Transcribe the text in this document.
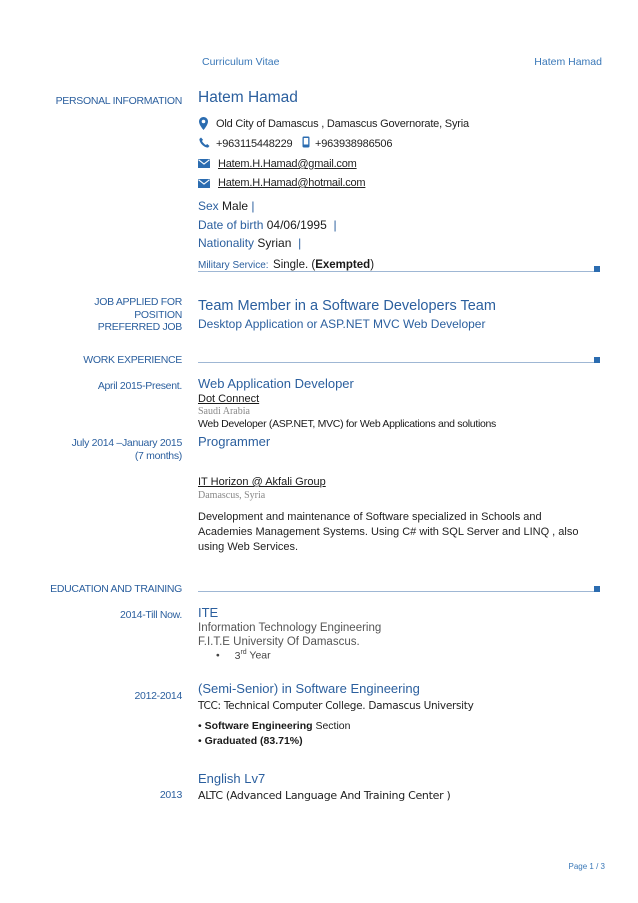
Curriculum Vitae	Hatem Hamad
PERSONAL INFORMATION Hatem Hamad
Old City of Damascus , Damascus Governorate, Syria
+963115448229 +963938986506
Hatem.H.Hamad@gmail.com
Hatem.H.Hamad@hotmail.com
Sex Male |
Date of birth 04/06/1995 |
Nationality Syrian |
Military Service: Single. (Exempted)
JOB APPLIED FOR
POSITION
PREFERRED JOB
Team Member in a Software Developers Team
Desktop Application or ASP.NET MVC Web Developer
WORK EXPERIENCE
April 2015-Present. Web Application Developer
Dot Connect
Saudi Arabia
Web Developer (ASP.NET, MVC) for Web Applications and solutions
July 2014 –January 2015
(7 months)
Programmer
IT Horizon @ Akfali Group
Damascus, Syria
Development and maintenance of Software specialized in Schools and Academies Management Systems. Using C# with SQL Server and LINQ , also using Web Services.
EDUCATION AND TRAINING
2014-Till Now. ITE
Information Technology Engineering
F.I.T.E University Of Damascus.
• 3rd Year
2012-2014 (Semi-Senior) in Software Engineering
TCC: Technical Computer College. Damascus University
• Software Engineering Section
• Graduated (83.71%)
English Lv7
2013 ALTC (Advanced Language And Training Center )
Page 1 / 3
